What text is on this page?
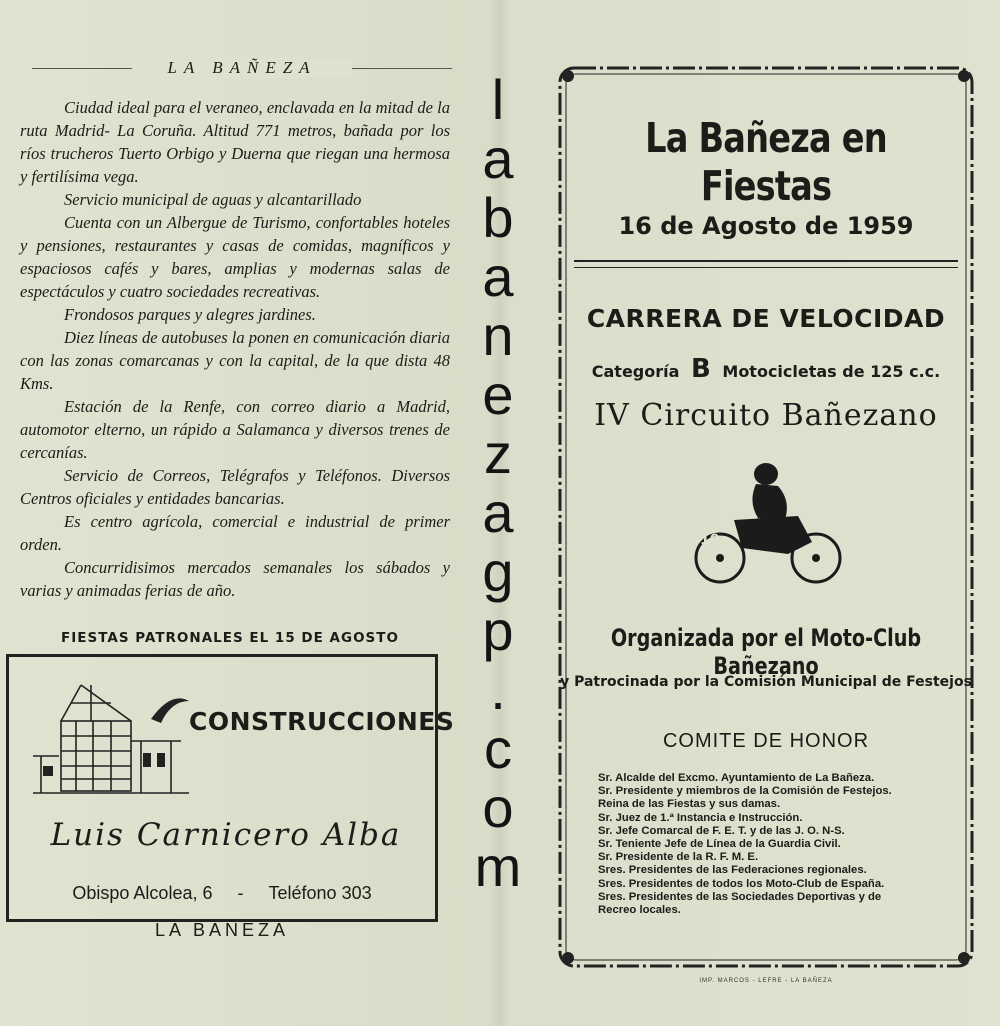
LA BAÑEZA

Ciudad ideal para el veraneo, enclavada en la mitad de la ruta Madrid- La Coruña. Altitud 771 metros, bañada por los ríos trucheros Tuerto Orbigo y Duerna que riegan una hermosa y fertilísima vega.

Servicio municipal de aguas y alcantarillado

Cuenta con un Albergue de Turismo, confortables hoteles y pensiones, restaurantes y casas de comidas, magníficos y espaciosos cafés y bares, amplias y modernas salas de espectáculos y cuatro sociedades recreativas.

Frondosos parques y alegres jardines.

Diez líneas de autobuses la ponen en comunicación diaria con las zonas comarcanas y con la capital, de la que dista 48 Kms.

Estación de la Renfe, con correo diario a Madrid, automotor elterno, un rápido a Salamanca y diversos trenes de cercanías.

Servicio de Correos, Telégrafos y Teléfonos. Diversos Centros oficiales y entidades bancarias.

Es centro agrícola, comercial e industrial de primer orden.

Concurridisimos mercados semanales los sábados y varias y animadas ferias de año.

FIESTAS PATRONALES EL 15 DE AGOSTO
CONSTRUCCIONES
Luis Carnicero Alba
Obispo Alcolea, 6 - Teléfono 303
LA BAÑEZA
l
a
b
a
n
e
z
a
g
p
.
c
o
m
La Bañeza en Fiestas
16 de Agosto de 1959
CARRERA DE VELOCIDAD
Categoría B Motocicletas de 125 c.c.
IV Circuito Bañezano
10
Organizada por el Moto-Club Bañezano
y Patrocinada por la Comisión Municipal de Festejos
COMITE DE HONOR
Sr. Alcalde del Excmo. Ayuntamiento de La Bañeza.
Sr. Presidente y miembros de la Comisión de Festejos.
Reina de las Fiestas y sus damas.
Sr. Juez de 1.ª Instancia e Instrucción.
Sr. Jefe Comarcal de F. E. T. y de las J. O. N-S.
Sr. Teniente Jefe de Línea de la Guardia Civil.
Sr. Presidente de la R. F. M. E.
Sres. Presidentes de las Federaciones regionales.
Sres. Presidentes de todos los Moto-Club de España.
Sres. Presidentes de las Sociedades Deportivas y de
Recreo locales.
IMP. MARCOS - LEFRE - LA BAÑEZA
